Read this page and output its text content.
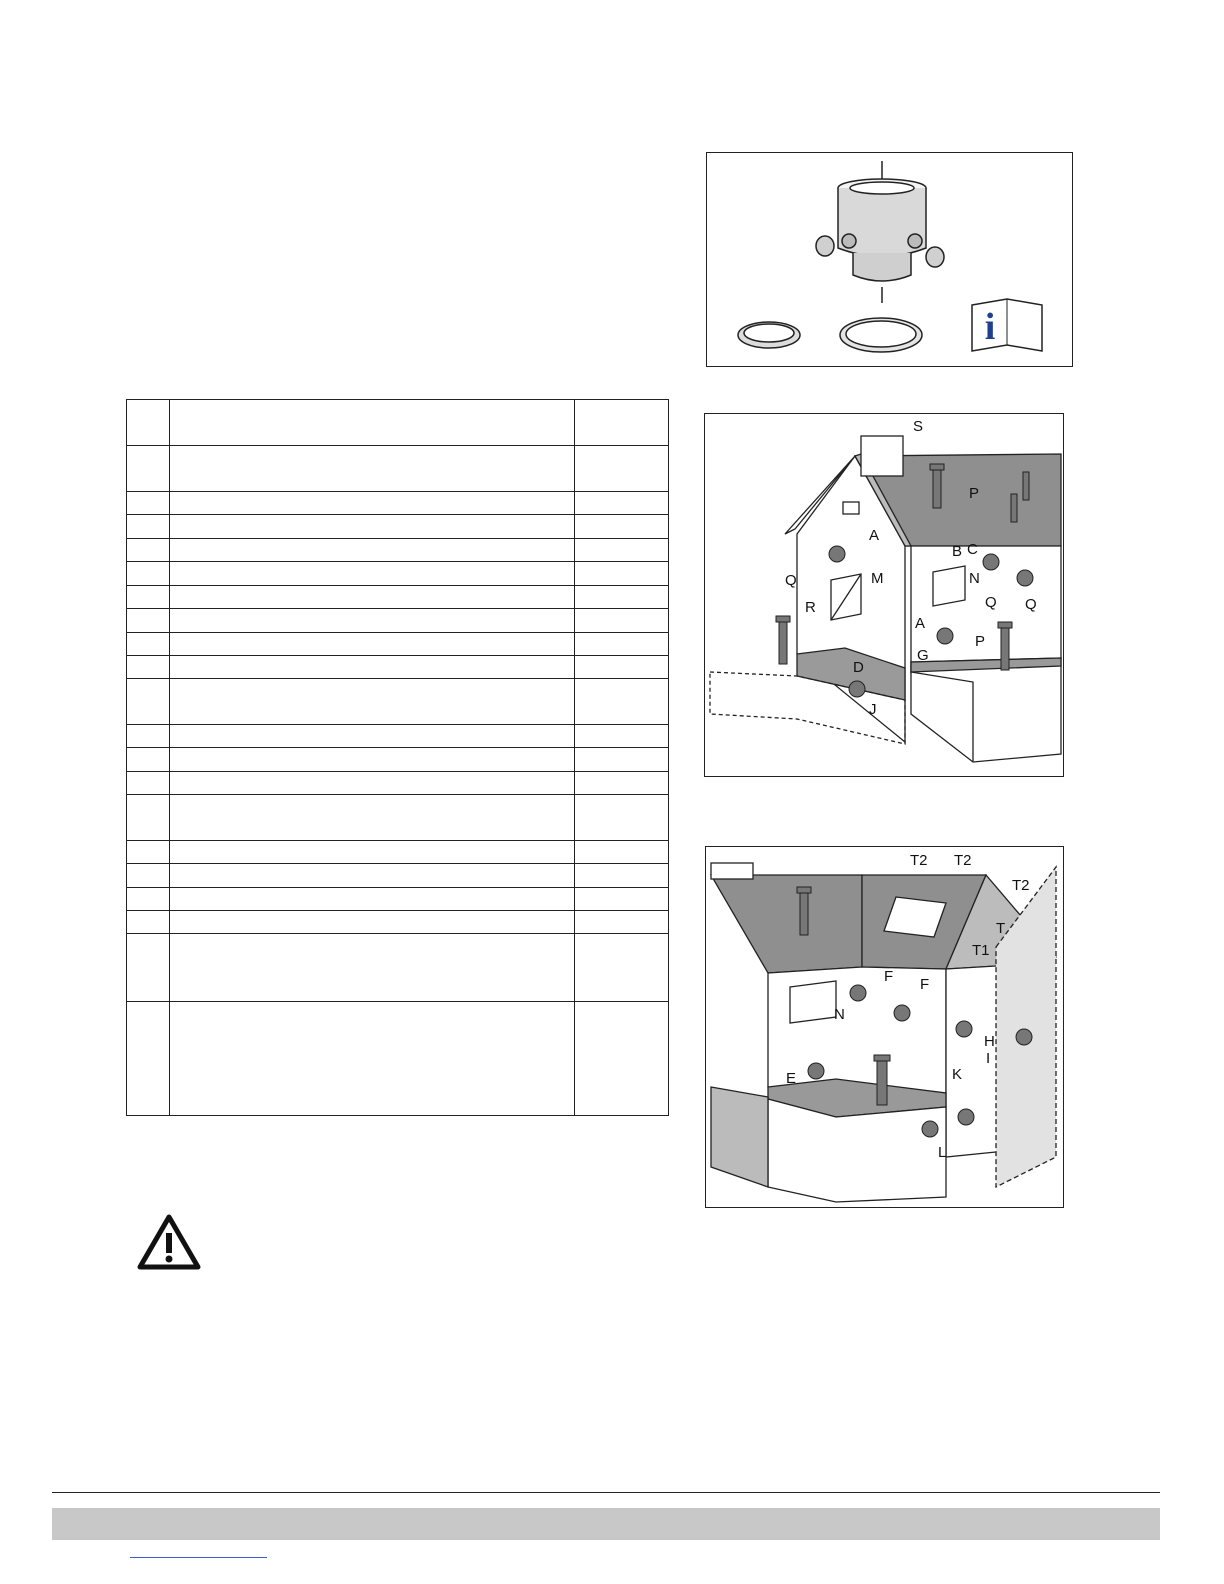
i
S
P
A
B C
M	N
Q
R	Q Q
A
G
P
D
J
T2 T2
T2
T
T1
F F
N
H
I
K
E
L
